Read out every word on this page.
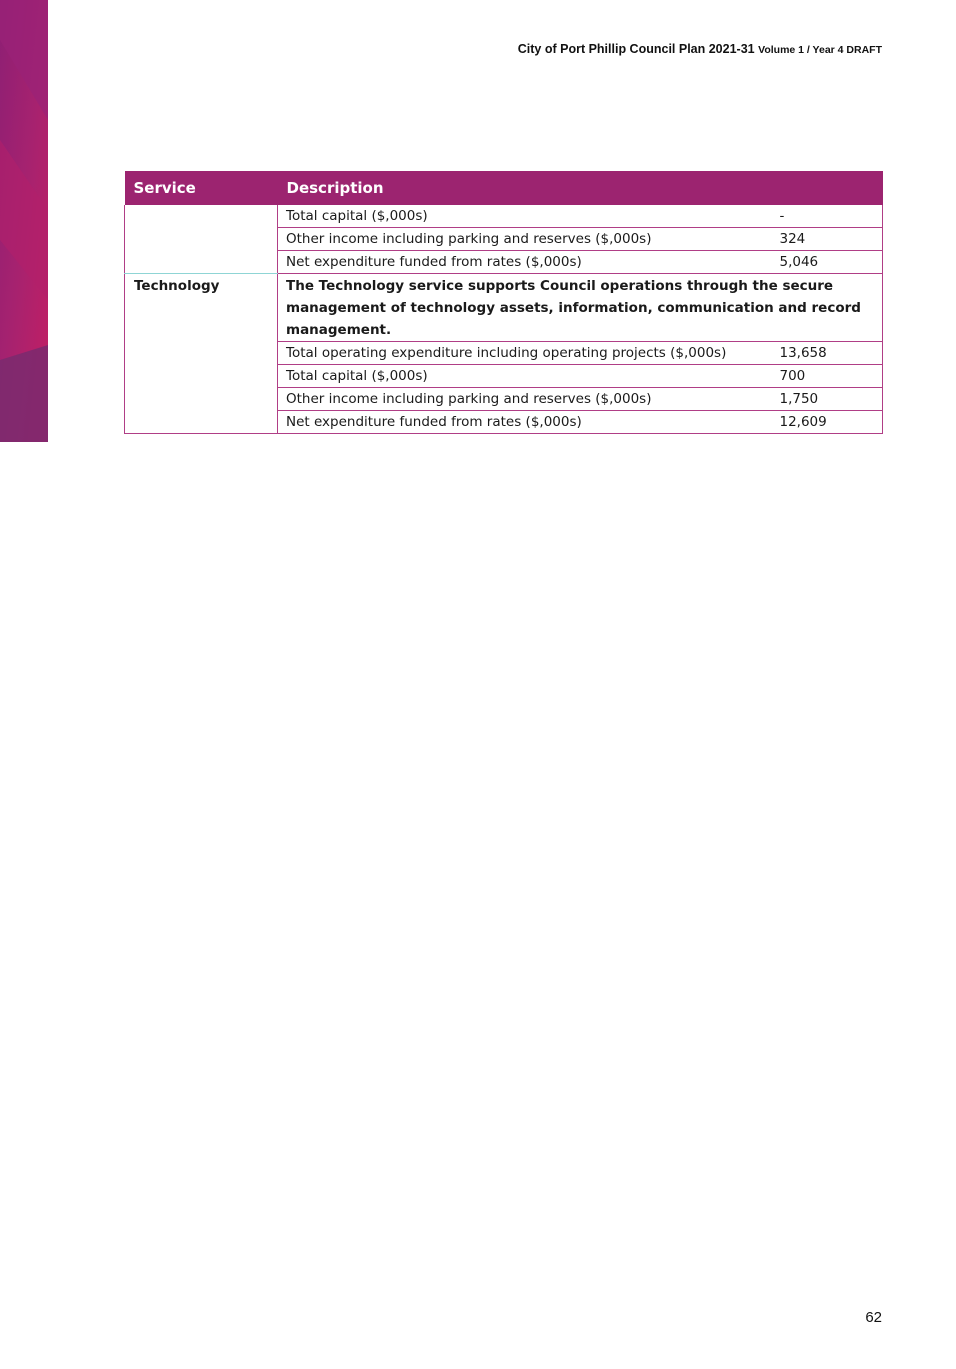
City of Port Phillip Council Plan 2021-31 Volume 1 / Year 4 DRAFT
Service	Description	
	Total capital ($,000s)	-
	Other income including parking and reserves ($,000s)	324
	Net expenditure funded from rates ($,000s)	5,046
Technology	The Technology service supports Council operations through the secure management of technology assets, information, communication and record management.	
	Total operating expenditure including operating projects ($,000s)	13,658
	Total capital ($,000s)	700
	Other income including parking and reserves ($,000s)	1,750
	Net expenditure funded from rates ($,000s)	12,609
62
